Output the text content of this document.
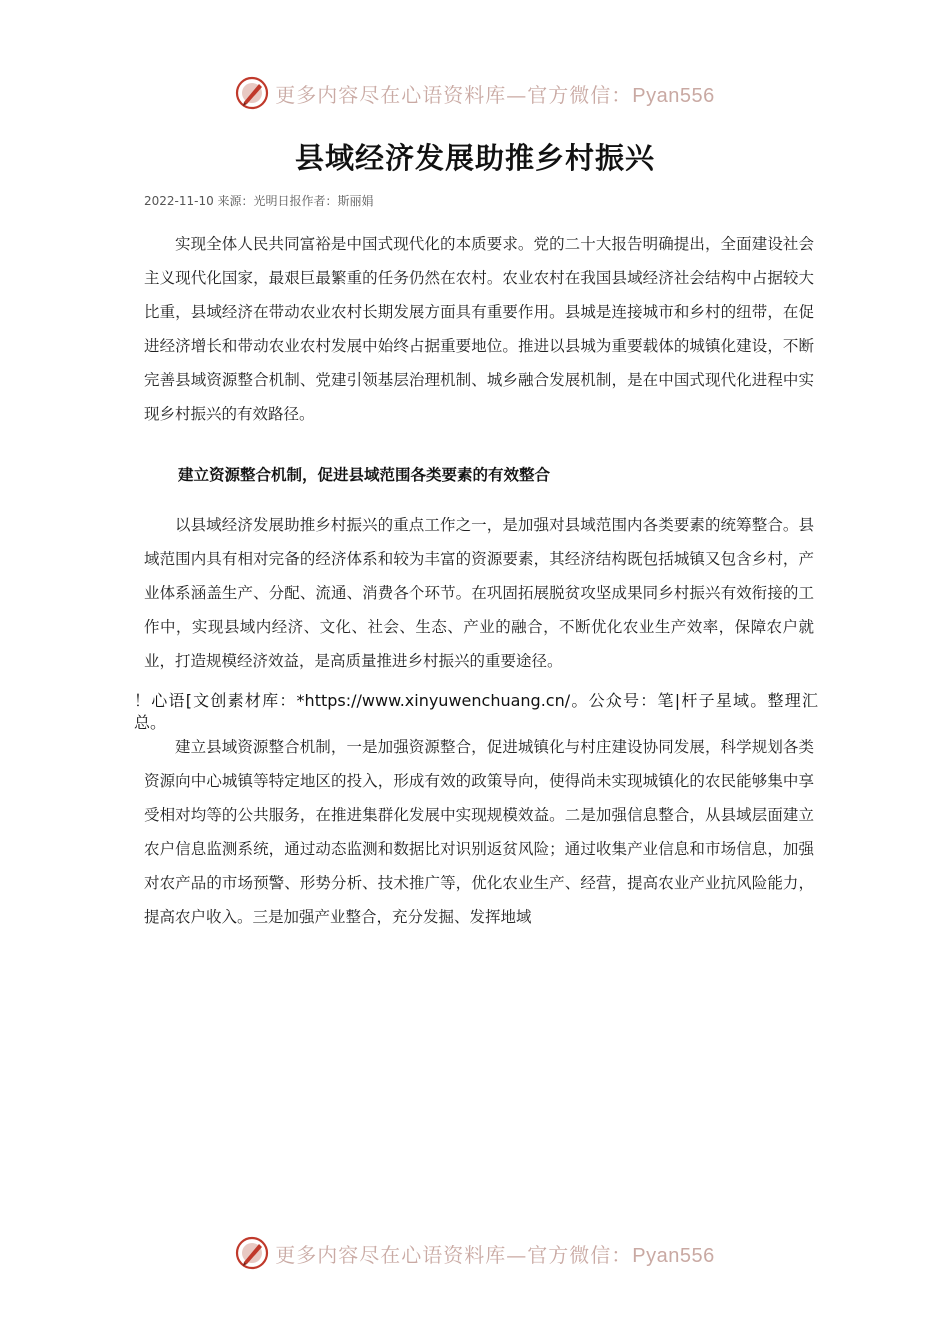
更多内容尽在心语资料库—官方微信：Pyan556
县域经济发展助推乡村振兴
2022-11-10 来源：光明日报作者：斯丽娟

实现全体人民共同富裕是中国式现代化的本质要求。党的二十大报告明确提出，全面建设社会主义现代化国家，最艰巨最繁重的任务仍然在农村。农业农村在我国县域经济社会结构中占据较大比重，县域经济在带动农业农村长期发展方面具有重要作用。县城是连接城市和乡村的纽带，在促进经济增长和带动农业农村发展中始终占据重要地位。推进以县城为重要载体的城镇化建设，不断完善县域资源整合机制、党建引领基层治理机制、城乡融合发展机制，是在中国式现代化进程中实现乡村振兴的有效路径。

建立资源整合机制，促进县域范围各类要素的有效整合

以县域经济发展助推乡村振兴的重点工作之一，是加强对县域范围内各类要素的统筹整合。县域范围内具有相对完备的经济体系和较为丰富的资源要素，其经济结构既包括城镇又包含乡村，产业体系涵盖生产、分配、流通、消费各个环节。在巩固拓展脱贫攻坚成果同乡村振兴有效衔接的工作中，实现县域内经济、文化、社会、生态、产业的融合，不断优化农业生产效率，保障农户就业，打造规模经济效益，是高质量推进乡村振兴的重要途径。

！心语[文创素材库：*https://www.xinyuwenchuang.cn/。公众号：笔|杆子星域。整理汇总。

建立县域资源整合机制，一是加强资源整合，促进城镇化与村庄建设协同发展，科学规划各类资源向中心城镇等特定地区的投入，形成有效的政策导向，使得尚未实现城镇化的农民能够集中享受相对均等的公共服务，在推进集群化发展中实现规模效益。二是加强信息整合，从县域层面建立农户信息监测系统，通过动态监测和数据比对识别返贫风险；通过收集产业信息和市场信息，加强对农产品的市场预警、形势分析、技术推广等，优化农业生产、经营，提高农业产业抗风险能力，提高农户收入。三是加强产业整合，充分发掘、发挥地域

更多内容尽在心语资料库—官方微信：Pyan556
